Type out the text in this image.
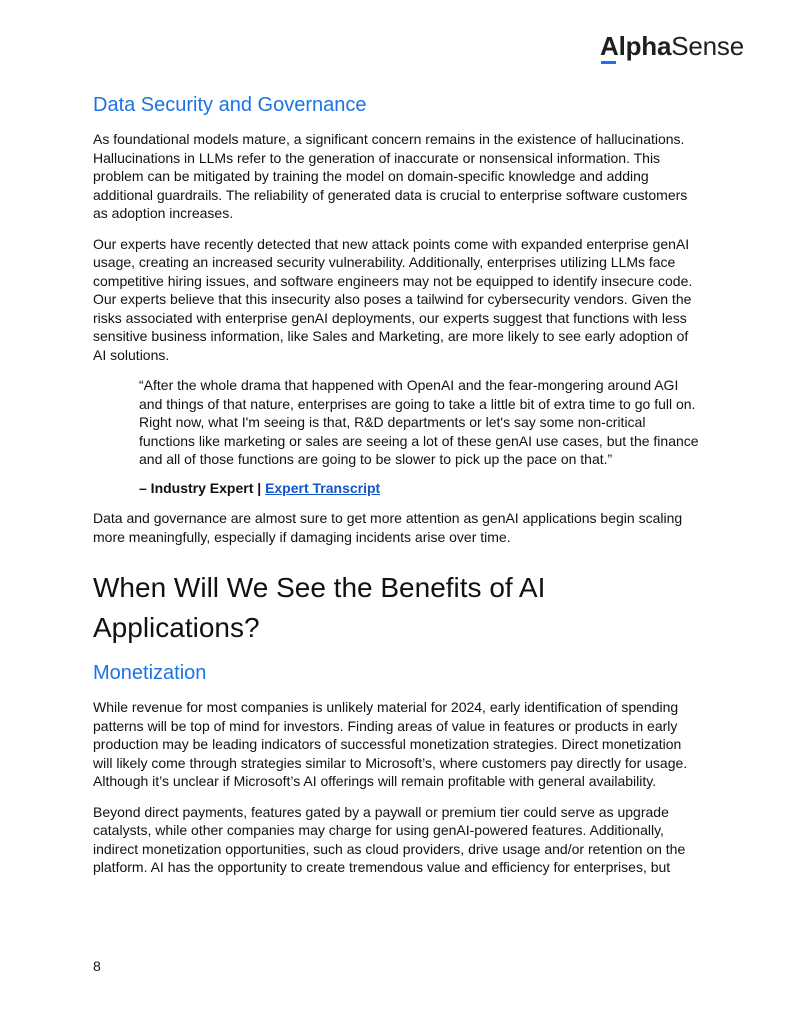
AlphaSense
Data Security and Governance

As foundational models mature, a significant concern remains in the existence of hallucinations. Hallucinations in LLMs refer to the generation of inaccurate or nonsensical information. This problem can be mitigated by training the model on domain-specific knowledge and adding additional guardrails. The reliability of generated data is crucial to enterprise software customers as adoption increases.

Our experts have recently detected that new attack points come with expanded enterprise genAI usage, creating an increased security vulnerability. Additionally, enterprises utilizing LLMs face competitive hiring issues, and software engineers may not be equipped to identify insecure code. Our experts believe that this insecurity also poses a tailwind for cybersecurity vendors. Given the risks associated with enterprise genAI deployments, our experts suggest that functions with less sensitive business information, like Sales and Marketing, are more likely to see early adoption of AI solutions.

“After the whole drama that happened with OpenAI and the fear-mongering around AGI and things of that nature, enterprises are going to take a little bit of extra time to go full on. Right now, what I'm seeing is that, R&D departments or let's say some non-critical functions like marketing or sales are seeing a lot of these genAI use cases, but the finance and all of those functions are going to be slower to pick up the pace on that.”

– Industry Expert | Expert Transcript

Data and governance are almost sure to get more attention as genAI applications begin scaling more meaningfully, especially if damaging incidents arise over time.

When Will We See the Benefits of AI Applications?
Monetization

While revenue for most companies is unlikely material for 2024, early identification of spending patterns will be top of mind for investors. Finding areas of value in features or products in early production may be leading indicators of successful monetization strategies. Direct monetization will likely come through strategies similar to Microsoft’s, where customers pay directly for usage. Although it’s unclear if Microsoft’s AI offerings will remain profitable with general availability.

Beyond direct payments, features gated by a paywall or premium tier could serve as upgrade catalysts, while other companies may charge for using genAI-powered features. Additionally, indirect monetization opportunities, such as cloud providers, drive usage and/or retention on the platform. AI has the opportunity to create tremendous value and efficiency for enterprises, but

8
